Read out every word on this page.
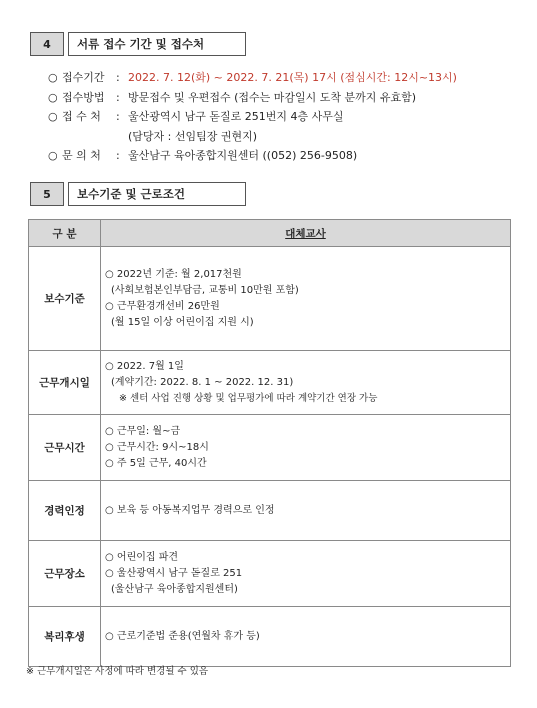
4	서류 접수 기간 및 접수처
○ 접수기간	: 2022. 7. 12(화) ~ 2022. 7. 21(목) 17시 (점심시간: 12시~13시)
○ 접수방법	: 방문접수 및 우편접수 (접수는 마감일시 도착 분까지 유효함)
○ 접 수 처	: 울산광역시 남구 돋질로 251번지 4층 사무실
(담당자 : 선임팀장 권현지)
○ 문 의 처	: 울산남구 육아종합지원센터 ((052) 256-9508)
5	보수기준 및 근로조건
구 분	대체교사
보수기준	○ 2022년 기준: 월 2,017천원
(사회보험본인부담금, 교통비 10만원 포함)
○ 근무환경개선비 26만원
(월 15일 이상 어린이집 지원 시)

근무개시일	○ 2022. 7월 1일
(계약기간: 2022. 8. 1 ~ 2022. 12. 31)
※ 센터 사업 진행 상황 및 업무평가에 따라 계약기간 연장 가능

근무시간	○ 근무일: 월~금
○ 근무시간: 9시~18시
○ 주 5일 근무, 40시간

경력인정	○ 보육 등 아동복지업무 경력으로 인정

근무장소	○ 어린이집 파견
○ 울산광역시 남구 돋질로 251
(울산남구 육아종합지원센터)

복리후생	○ 근로기준법 준용(연월차 휴가 등)
※ 근무개시일은 사정에 따라 변경될 수 있음
